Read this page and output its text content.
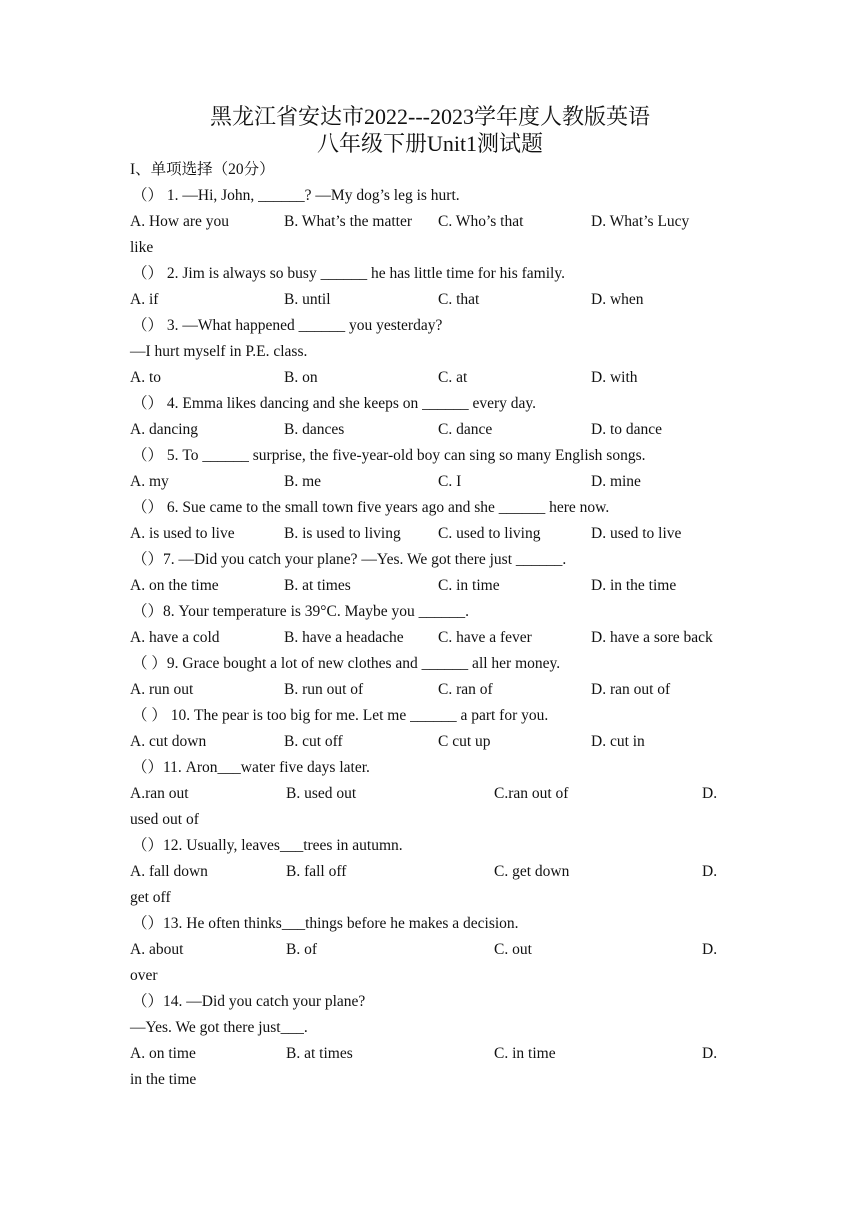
黑龙江省安达市2022---2023学年度人教版英语
八年级下册Unit1测试题
I、单项选择（20分）
（） 1. —Hi, John, ______? —My dog’s leg is hurt.
A. How are you	B. What’s the matter C. Who’s that	D. What’s Lucy
like
（） 2. Jim is always so busy ______ he has little time for his family.
A. if	B. until	C. that	D. when
（） 3. —What happened ______ you yesterday?
—I hurt myself in P.E. class.
A. to	B. on	C. at	D. with
（） 4. Emma likes dancing and she keeps on ______ every day.
A. dancing	B. dances	C. dance	D. to dance
（） 5. To ______ surprise, the five-year-old boy can sing so many English songs.
A. my	B. me	C. I	D. mine
（） 6. Sue came to the small town five years ago and she ______ here now.
A. is used to live	B. is used to living C. used to living	D. used to live
（）7. —Did you catch your plane? —Yes. We got there just ______.
A. on the time	B. at times	C. in time	D. in the time
（）8. Your temperature is 39°C. Maybe you ______.
A. have a cold	B. have a headache C. have a fever	D. have a sore back
（ ）9. Grace bought a lot of new clothes and ______ all her money.
A. run out	B. run out of	C. ran of	D. ran out of
（ ） 10. The pear is too big for me. Let me ______ a part for you.
A. cut down	B. cut off	C cut up	D. cut in
（）11. Aron___water five days later.
A.ran out	B. used out	C.ran out of	D.
used out of
（）12. Usually, leaves___trees in autumn.
A. fall down	B. fall off	C. get down	D.
get off
（）13. He often thinks___things before he makes a decision.
A. about	B. of	C. out	D.
over
（）14. —Did you catch your plane?
—Yes. We got there just___.
A. on time	B. at times	C. in time	D.
in the time
